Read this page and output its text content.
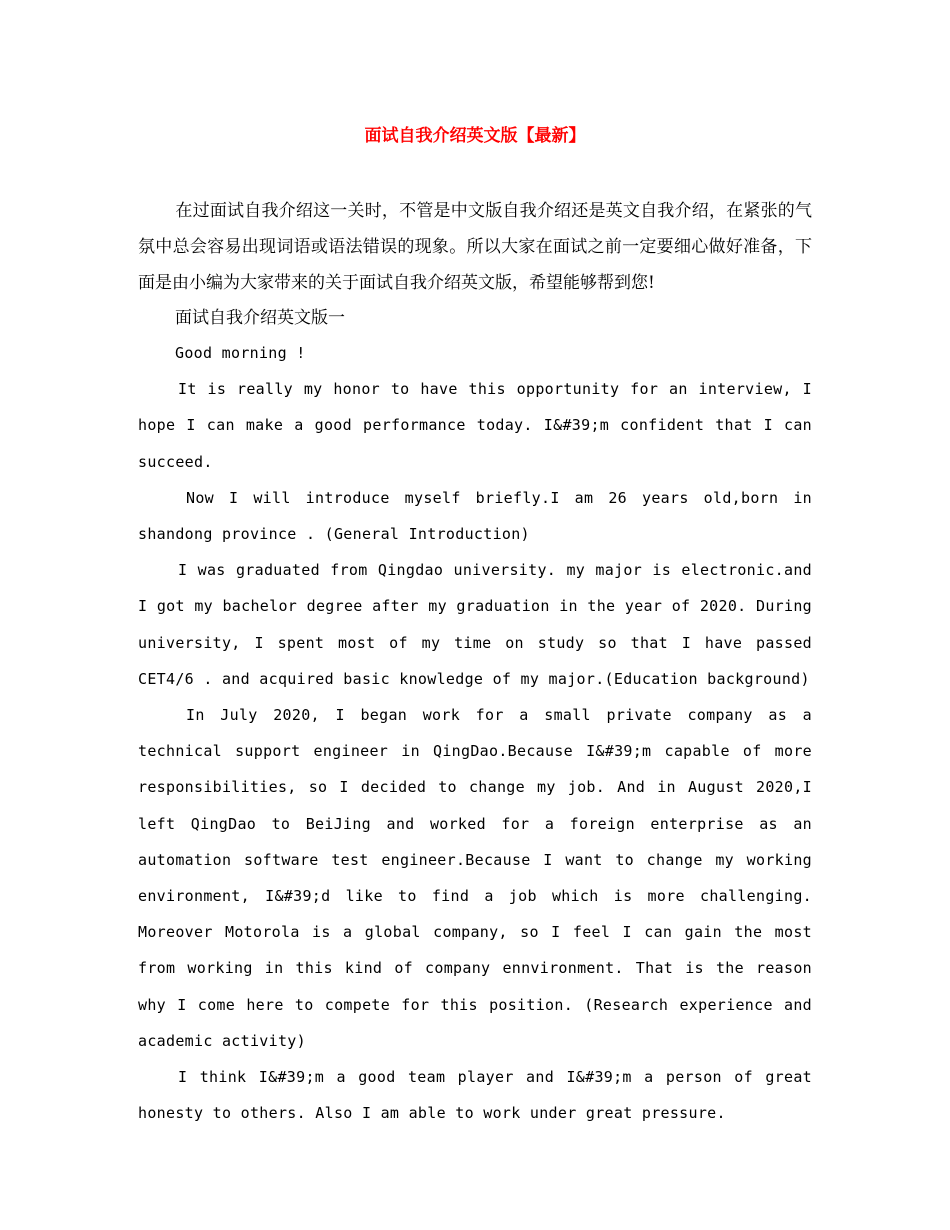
面试自我介绍英文版【最新】

在过面试自我介绍这一关时，不管是中文版自我介绍还是英文自我介绍，在紧张的气氛中总会容易出现词语或语法错误的现象。所以大家在面试之前一定要细心做好准备，下面是由小编为大家带来的关于面试自我介绍英文版，希望能够帮到您!

面试自我介绍英文版一

Good morning !

It is really my honor to have this opportunity for an interview, I hope I can make a good performance today. I&#39;m confident that I can succeed.

Now I will introduce myself briefly.I am 26 years old,born in shandong province . (General Introduction)

I was graduated from Qingdao university. my major is electronic.and I got my bachelor degree after my graduation in the year of 2020. During university, I spent most of my time on study so that I have passed CET4/6 . and acquired basic knowledge of my major.(Education background)

In July 2020, I began work for a small private company as a technical support engineer in QingDao.Because I&#39;m capable of more responsibilities, so I decided to change my job. And in August 2020,I left QingDao to BeiJing and worked for a foreign enterprise as an automation software test engineer.Because I want to change my working environment, I&#39;d like to find a job which is more challenging. Moreover Motorola is a global company, so I feel I can gain the most from working in this kind of company ennvironment. That is the reason why I come here to compete for this position. (Research experience and academic activity)

I think I&#39;m a good team player and I&#39;m a person of great honesty to others. Also I am able to work under great pressure.
